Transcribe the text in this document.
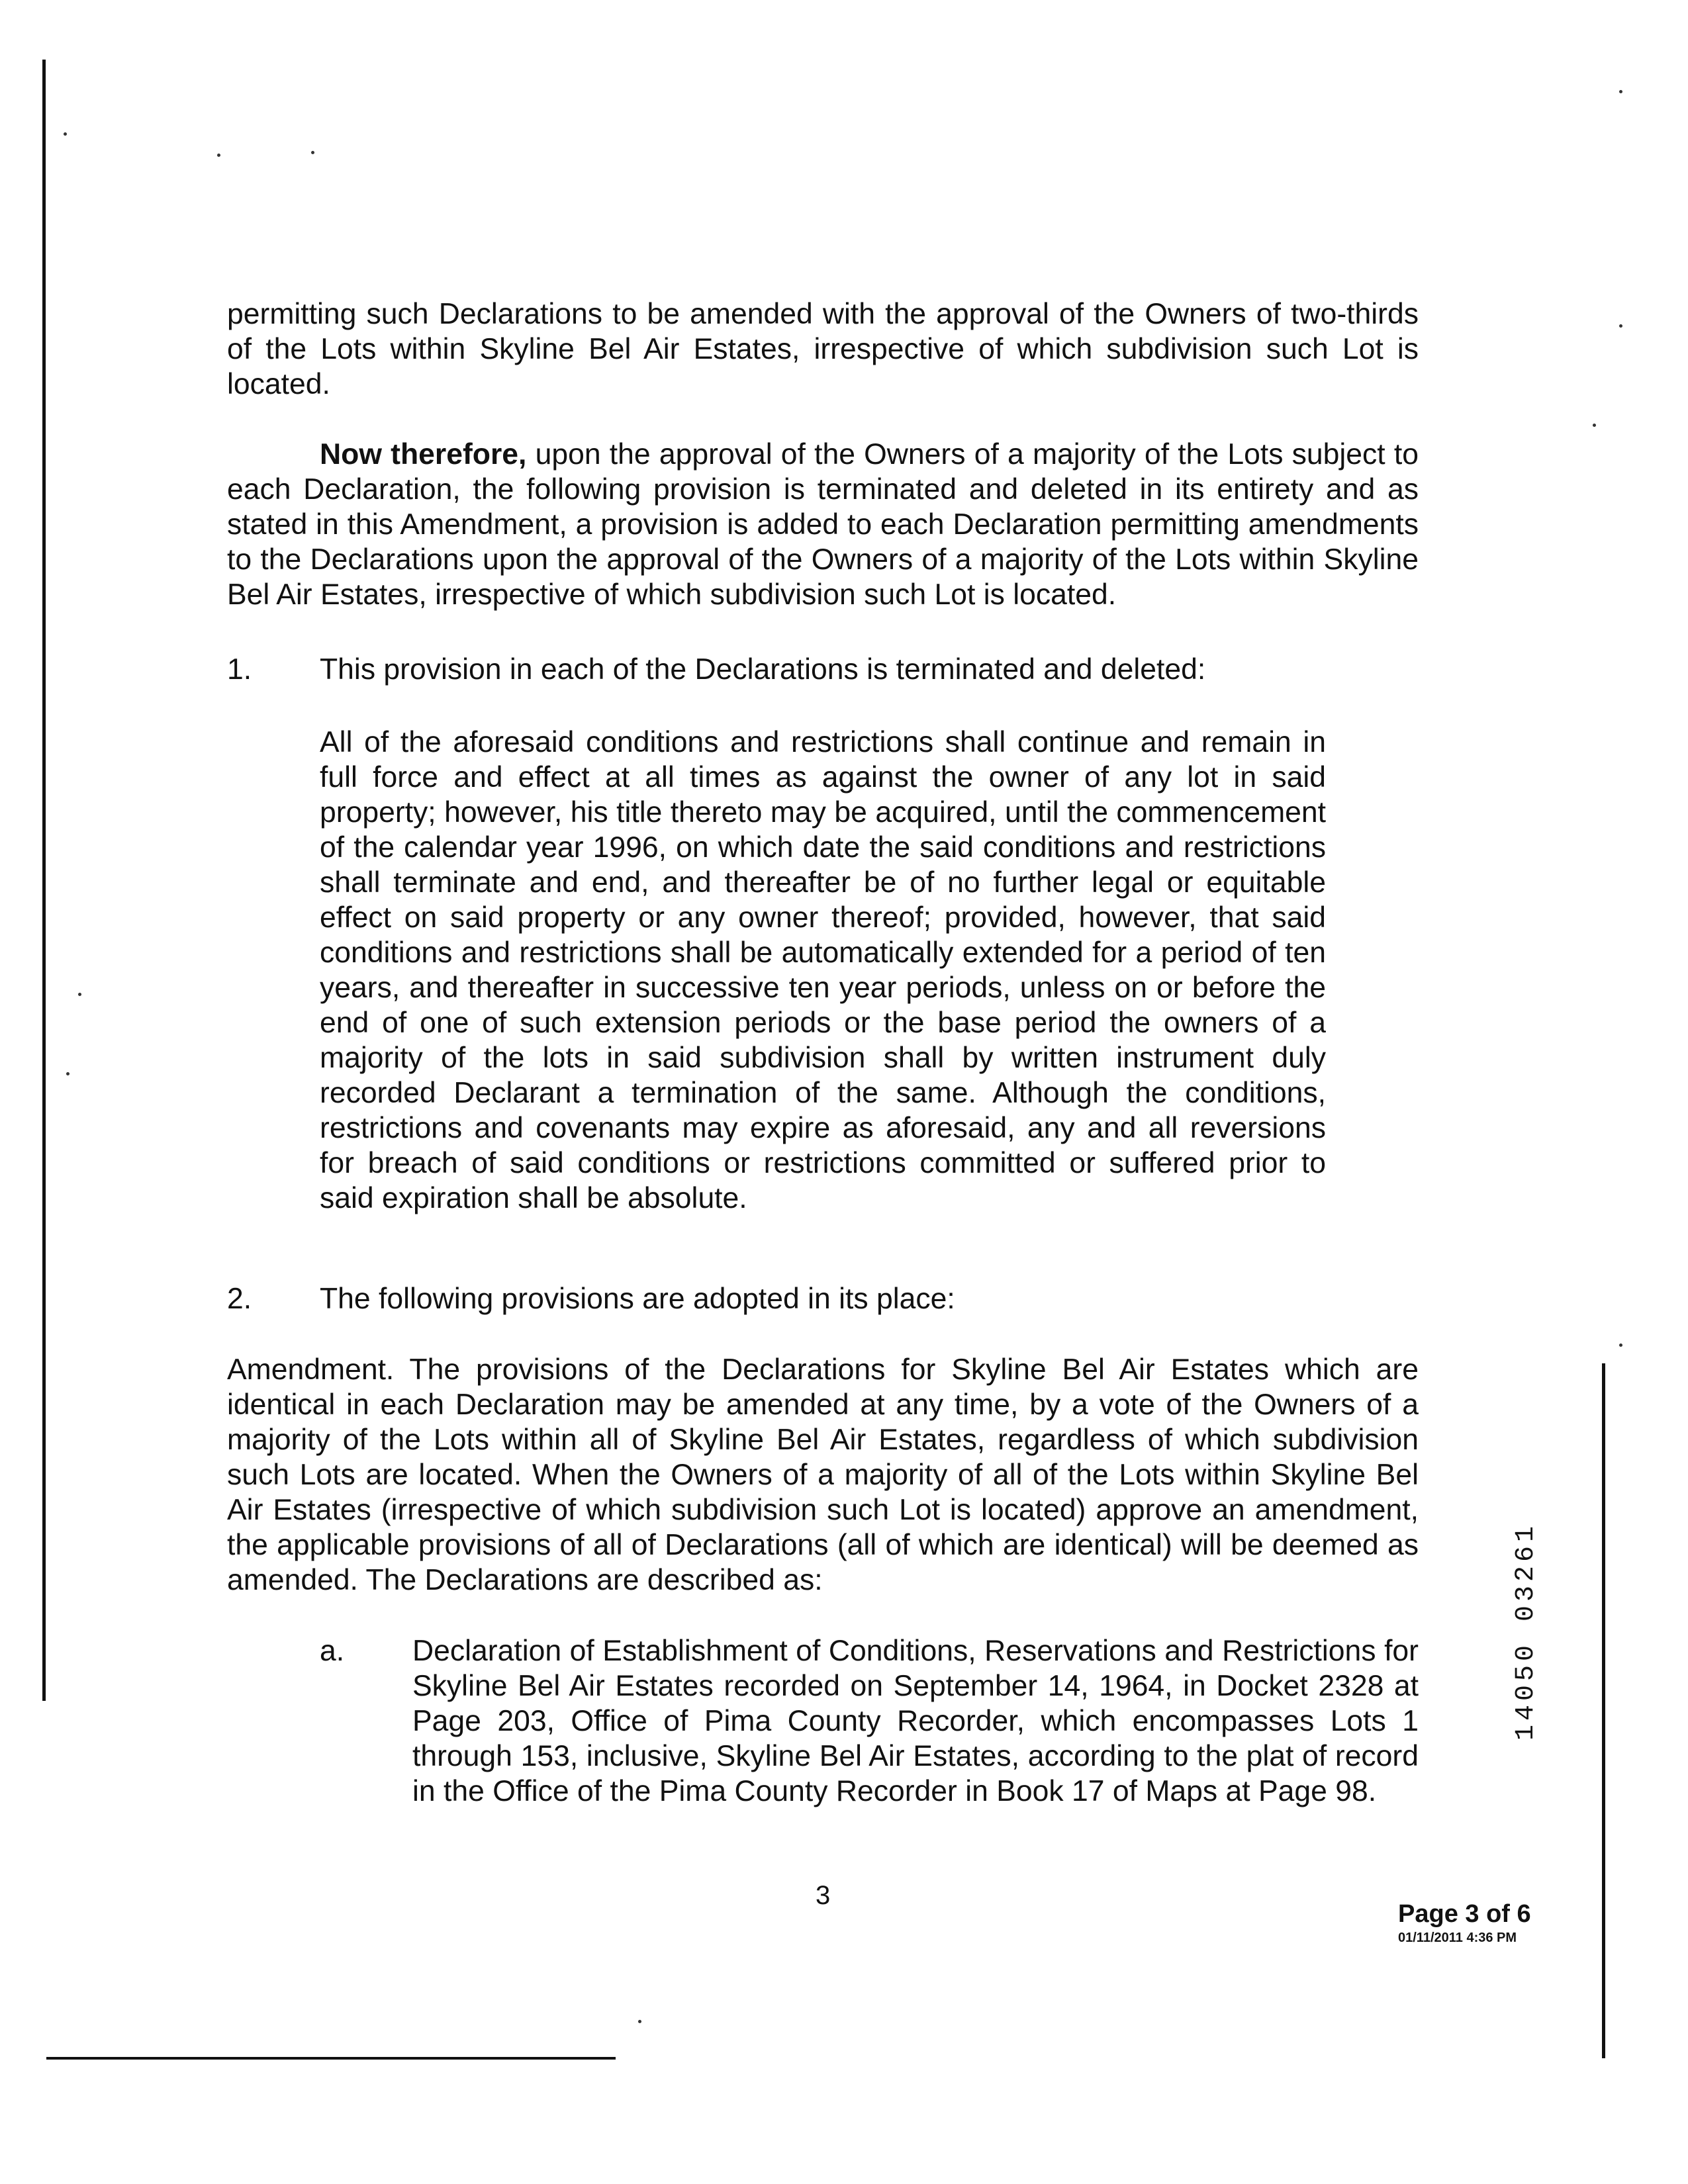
permitting such Declarations to be amended with the approval of the Owners of two-thirds of the Lots within Skyline Bel Air Estates, irrespective of which subdivision such Lot is located.

Now therefore, upon the approval of the Owners of a majority of the Lots subject to each Declaration, the following provision is terminated and deleted in its entirety and as stated in this Amendment, a provision is added to each Declaration permitting amendments to the Declarations upon the approval of the Owners of a majority of the Lots within Skyline Bel Air Estates, irrespective of which subdivision such Lot is located.

1. This provision in each of the Declarations is terminated and deleted:

All of the aforesaid conditions and restrictions shall continue and remain in full force and effect at all times as against the owner of any lot in said property; however, his title thereto may be acquired, until the commencement of the calendar year 1996, on which date the said conditions and restrictions shall terminate and end, and thereafter be of no further legal or equitable effect on said property or any owner thereof; provided, however, that said conditions and restrictions shall be automatically extended for a period of ten years, and thereafter in successive ten year periods, unless on or before the end of one of such extension periods or the base period the owners of a majority of the lots in said subdivision shall by written instrument duly recorded Declarant a termination of the same. Although the conditions, restrictions and covenants may expire as aforesaid, any and all reversions for breach of said conditions or restrictions committed or suffered prior to said expiration shall be absolute.

2. The following provisions are adopted in its place:

Amendment. The provisions of the Declarations for Skyline Bel Air Estates which are identical in each Declaration may be amended at any time, by a vote of the Owners of a majority of the Lots within all of Skyline Bel Air Estates, regardless of which subdivision such Lots are located. When the Owners of a majority of all of the Lots within Skyline Bel Air Estates (irrespective of which subdivision such Lot is located) approve an amendment, the applicable provisions of all of Declarations (all of which are identical) will be deemed as amended. The Declarations are described as:

a. Declaration of Establishment of Conditions, Reservations and Restrictions for Skyline Bel Air Estates recorded on September 14, 1964, in Docket 2328 at Page 203, Office of Pima County Recorder, which encompasses Lots 1 through 153, inclusive, Skyline Bel Air Estates, according to the plat of record in the Office of the Pima County Recorder in Book 17 of Maps at Page 98.

3
Page 3 of 6
01/11/2011 4:36 PM
14050 03261
